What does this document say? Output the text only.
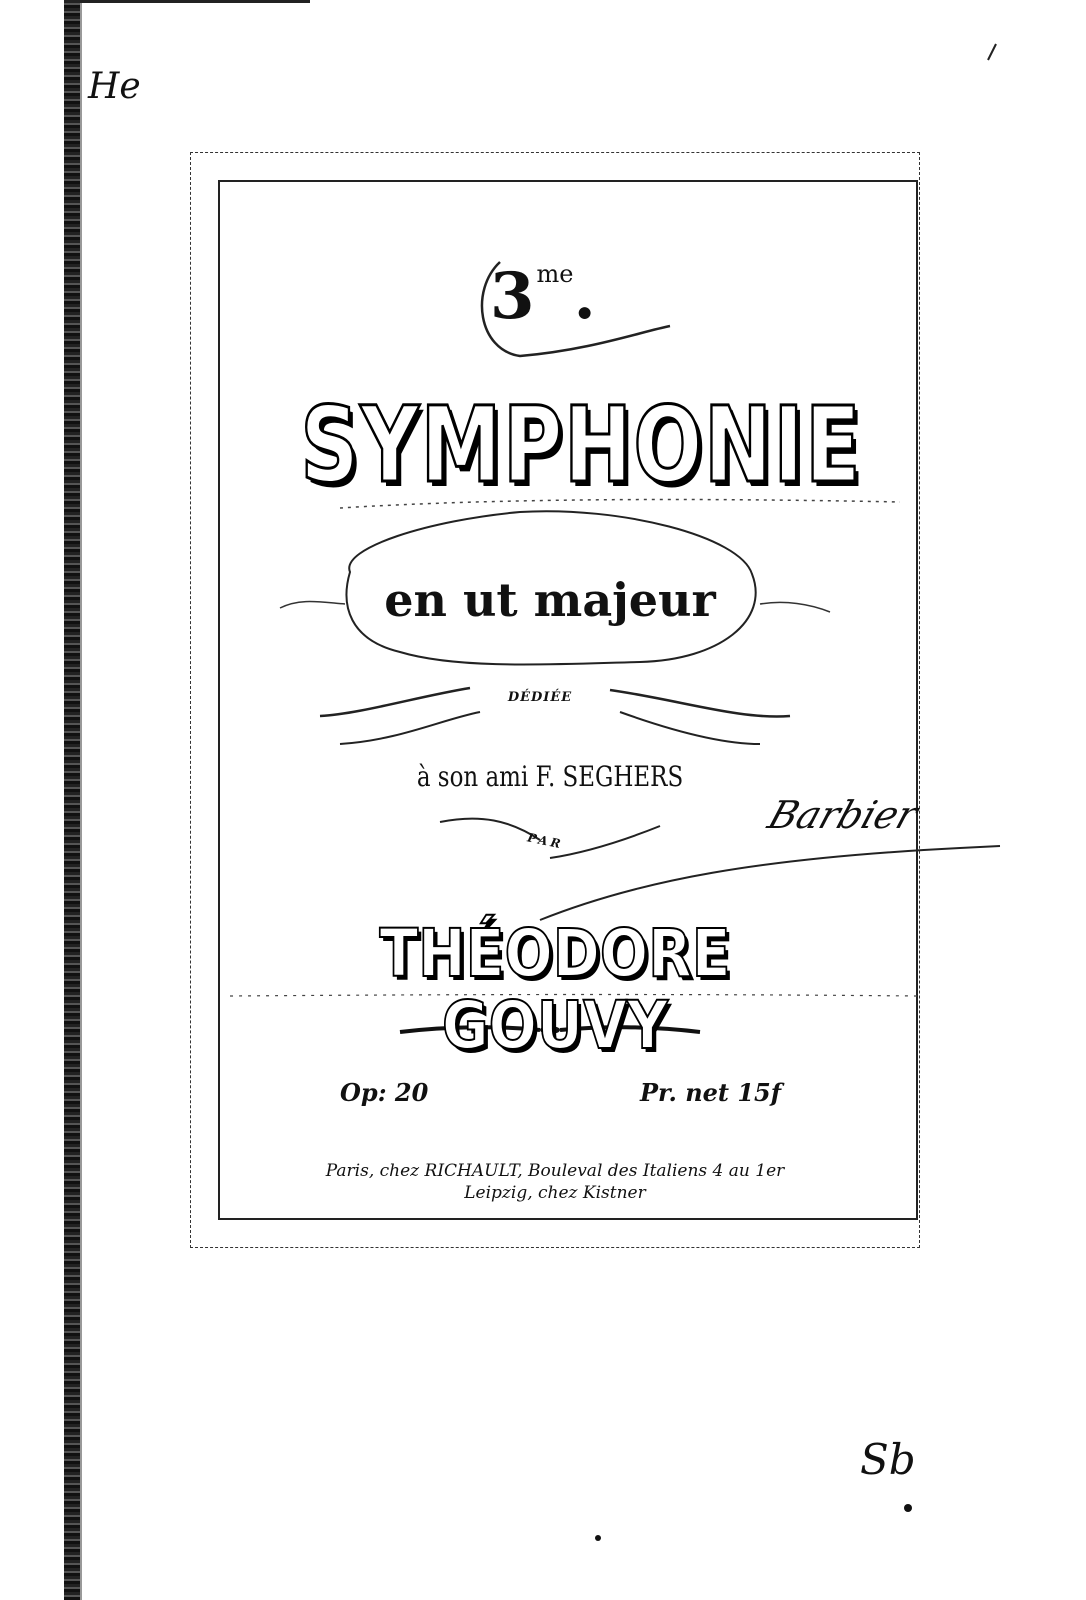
He
$3^{me}$.
SYMPHONIE
en ut majeur
DÉDIÉE
à son ami F. SEGHERS
Barbier
PAR
THÉODORE GOUVY
Op: 20	Pr. net 15f
Paris, chez RICHAULT, Bouleval des Italiens 4 au 1er
Leipzig, chez Kistner
Sb
